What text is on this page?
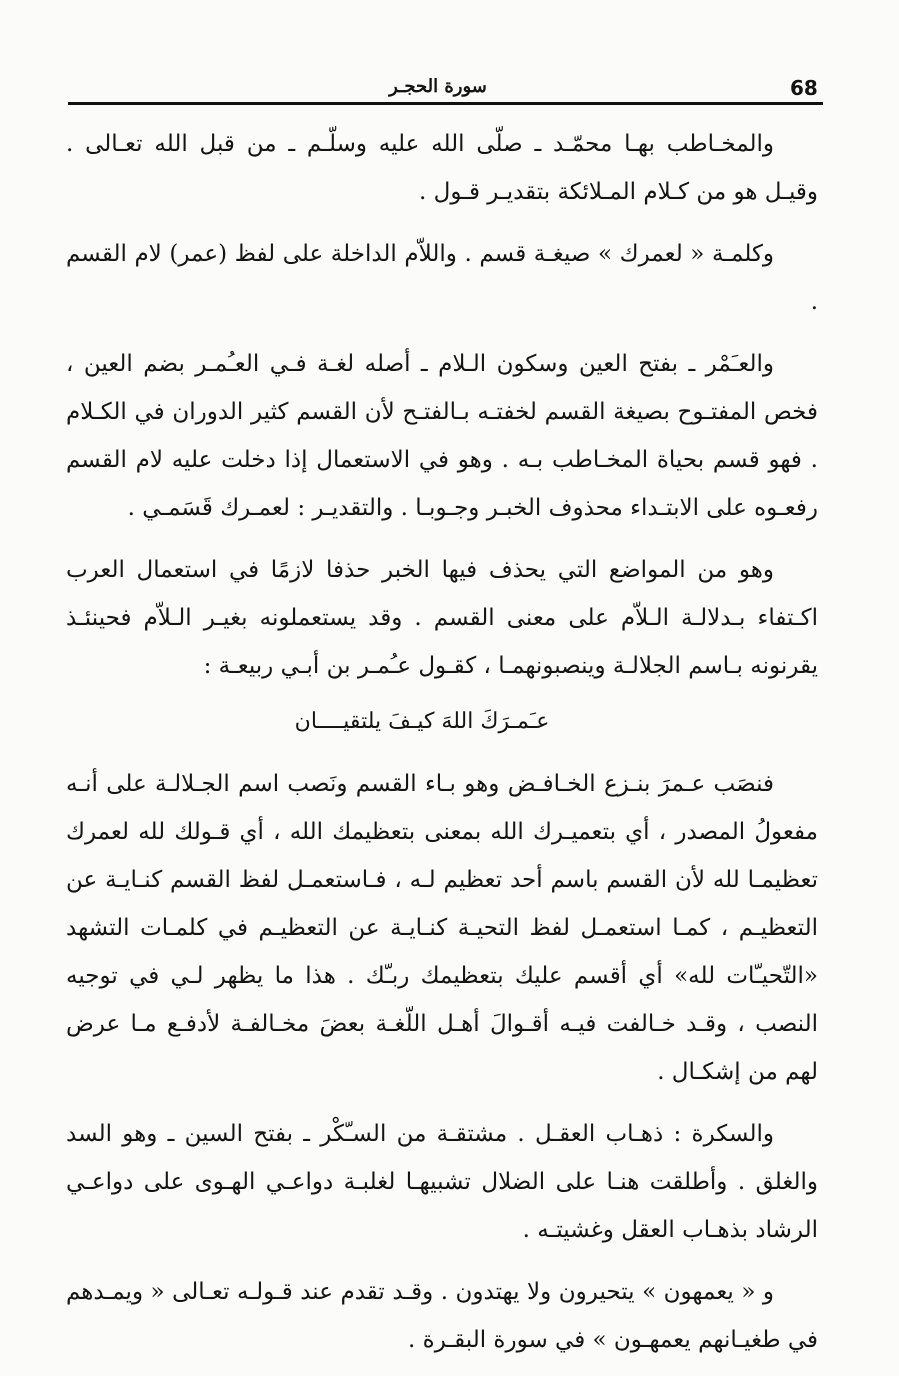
68
سورة الحجـر

والمخـاطب بهـا محمّـد ـ صلّى الله عليه وسلّـم ـ من قبل الله تعـالى . وقيـل هو من كـلام المـلائكة بتقديـر قـول .

وكلمـة « لعمرك » صيغـة قسم . واللاّم الداخلة على لفظ (عمر) لام القسم .

والعـَمْر ـ بفتح العين وسكون الـلام ـ أصله لغـة فـي العـُمـر بضم العين ، فخص المفتـوح بصيغة القسم لخفتـه بـالفتـح لأن القسم كثير الدوران في الكـلام . فهو قسم بحياة المخـاطب بـه . وهو في الاستعمال إذا دخلت عليه لام القسم رفعـوه على الابتـداء محذوف الخبـر وجـوبـا . والتقديـر : لعمـرك قَسَمـي .

وهو من المواضع التي يحذف فيها الخبر حذفا لازمًا في استعمال العرب اكـتفاء بـدلالـة الـلاّم على معنى القسم . وقد يستعملونه بغيـر الـلاّم فحينئـذ يقرنونه بـاسم الجلالـة وينصبونهمـا ، كقـول عـُمـر بن أبـي ربيعـة :

عـَمـرَكَ اللهَ كيـفَ يلتقيــــان

فنصَب عـمرَ بنـزع الخـافـض وهو بـاء القسم ونَصب اسم الجـلالـة على أنـه مفعولُ المصدر ، أي بتعميـرك الله بمعنى بتعظيمك الله ، أي قـولك لله لعمرك تعظيمـا لله لأن القسم باسم أحد تعظيم لـه ، فـاستعمـل لفظ القسم كنـايـة عن التعظيـم ، كمـا استعمـل لفظ التحيـة كنـايـة عن التعظيـم في كلمـات التشهد «التّحيـّات لله» أي أقسم عليك بتعظيمك ربـّك . هذا ما يظهر لـي في توجيه النصب ، وقـد خـالفت فيـه أقـوالَ أهـل اللّغـة بعضَ مخـالفـة لأدفـع مـا عرض لهم من إشكـال .

والسكرة : ذهـاب العقـل . مشتقـة من السـّكْر ـ بفتح السين ـ وهو السد والغلق . وأطلقت هنـا على الضلال تشبيهـا لغلبـة دواعـي الهـوى على دواعـي الرشاد بذهـاب العقل وغشيتـه .

و « يعمهون » يتحيرون ولا يهتدون . وقـد تقدم عند قـولـه تعـالى « ويمـدهم في طغيـانهم يعمهـون » في سورة البقـرة .
